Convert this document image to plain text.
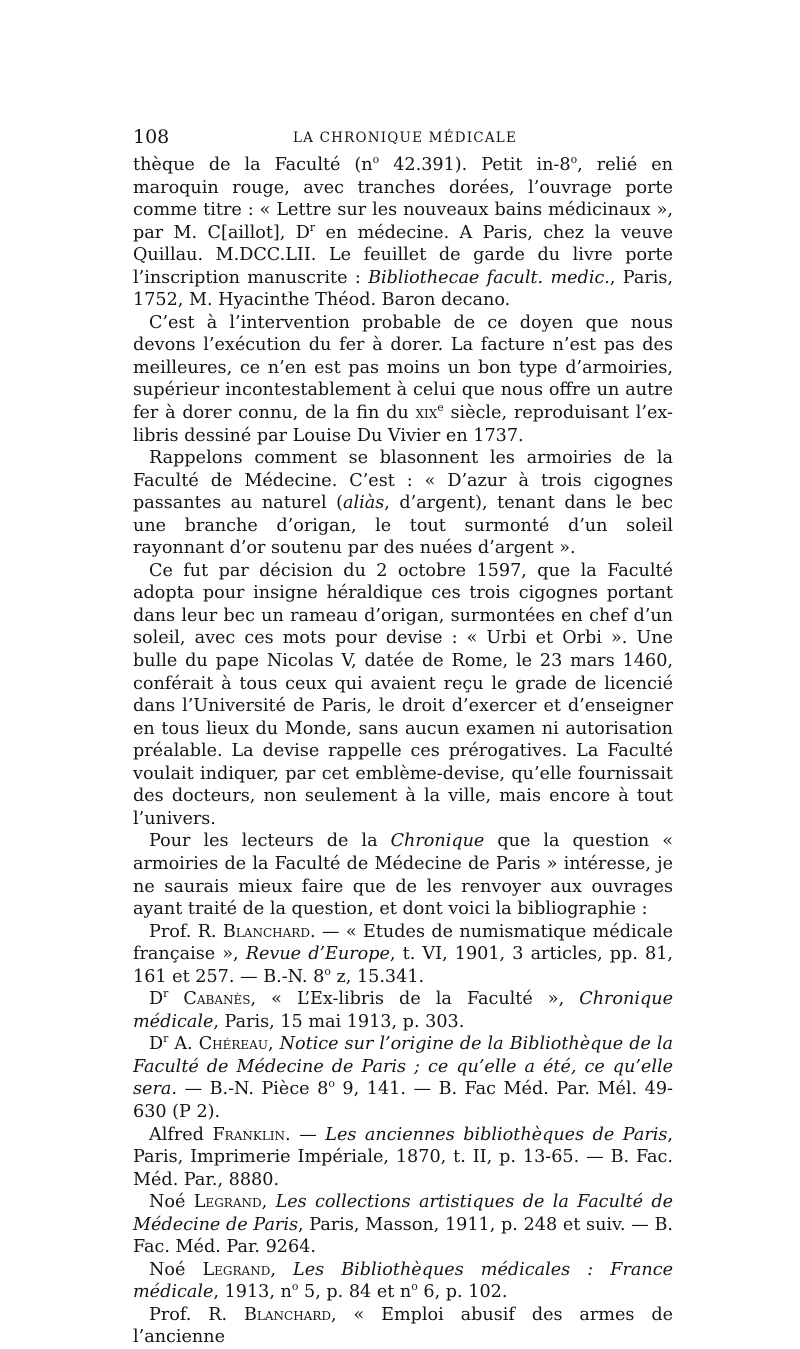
108	LA CHRONIQUE MÉDICALE

thèque de la Faculté ($n^o$ 42.391). Petit in-8$^o$, relié en maroquin rouge, avec tranches dorées, l’ouvrage porte comme titre : « Lettre sur les nouveaux bains médicinaux », par M. C[aillot], $D^r$ en médecine. A Paris, chez la veuve Quillau. M.DCC.LII. Le feuillet de garde du livre porte l’inscription manuscrite : Bibliothecae facult. medic., Paris, 1752, M. Hyacinthe Théod. Baron decano.

C’est à l’intervention probable de ce doyen que nous devons l’exécution du fer à dorer. La facture n’est pas des meilleures, ce n’en est pas moins un bon type d’armoiries, supérieur incontestablement à celui que nous offre un autre fer à dorer connu, de la fin du xix$^e$ siècle, reproduisant l’ex-libris dessiné par Louise Du Vivier en 1737.

Rappelons comment se blasonnent les armoiries de la Faculté de Médecine. C’est : « D’azur à trois cigognes passantes au naturel (aliàs, d’argent), tenant dans le bec une branche d’origan, le tout surmonté d’un soleil rayonnant d’or soutenu par des nuées d’argent ».

Ce fut par décision du 2 octobre 1597, que la Faculté adopta pour insigne héraldique ces trois cigognes portant dans leur bec un rameau d’origan, surmontées en chef d’un soleil, avec ces mots pour devise : « Urbi et Orbi ». Une bulle du pape Nicolas V, datée de Rome, le 23 mars 1460, conférait à tous ceux qui avaient reçu le grade de licencié dans l’Université de Paris, le droit d’exercer et d’enseigner en tous lieux du Monde, sans aucun examen ni autorisation préalable. La devise rappelle ces prérogatives. La Faculté voulait indiquer, par cet emblème-devise, qu’elle fournissait des docteurs, non seulement à la ville, mais encore à tout l’univers.

Pour les lecteurs de la Chronique que la question « armoiries de la Faculté de Médecine de Paris » intéresse, je ne saurais mieux faire que de les renvoyer aux ouvrages ayant traité de la question, et dont voici la bibliographie :

Prof. R. Blanchard. — « Etudes de numismatique médicale française », Revue d’Europe, t. VI, 1901, 3 articles, pp. 81, 161 et 257. — B.-N. 8$^o$ z, 15.341.

$D^r$ Cabanès, « L’Ex-libris de la Faculté », Chronique médicale, Paris, 15 mai 1913, p. 303.

$D^r$ A. Chéreau, Notice sur l’origine de la Bibliothèque de la Faculté de Médecine de Paris ; ce qu’elle a été, ce qu’elle sera. — B.-N. Pièce 8$^o$ 9, 141. — B. Fac Méd. Par. Mél. 49-630 (P 2).

Alfred Franklin. — Les anciennes bibliothèques de Paris, Paris, Imprimerie Impériale, 1870, t. II, p. 13-65. — B. Fac. Méd. Par., 8880.

Noé Legrand, Les collections artistiques de la Faculté de Médecine de Paris, Paris, Masson, 1911, p. 248 et suiv. — B. Fac. Méd. Par. 9264.

Noé Legrand, Les Bibliothèques médicales : France médicale, 1913, $n^o$ 5, p. 84 et $n^o$ 6, p. 102.

Prof. R. Blanchard, « Emploi abusif des armes de l’ancienne
